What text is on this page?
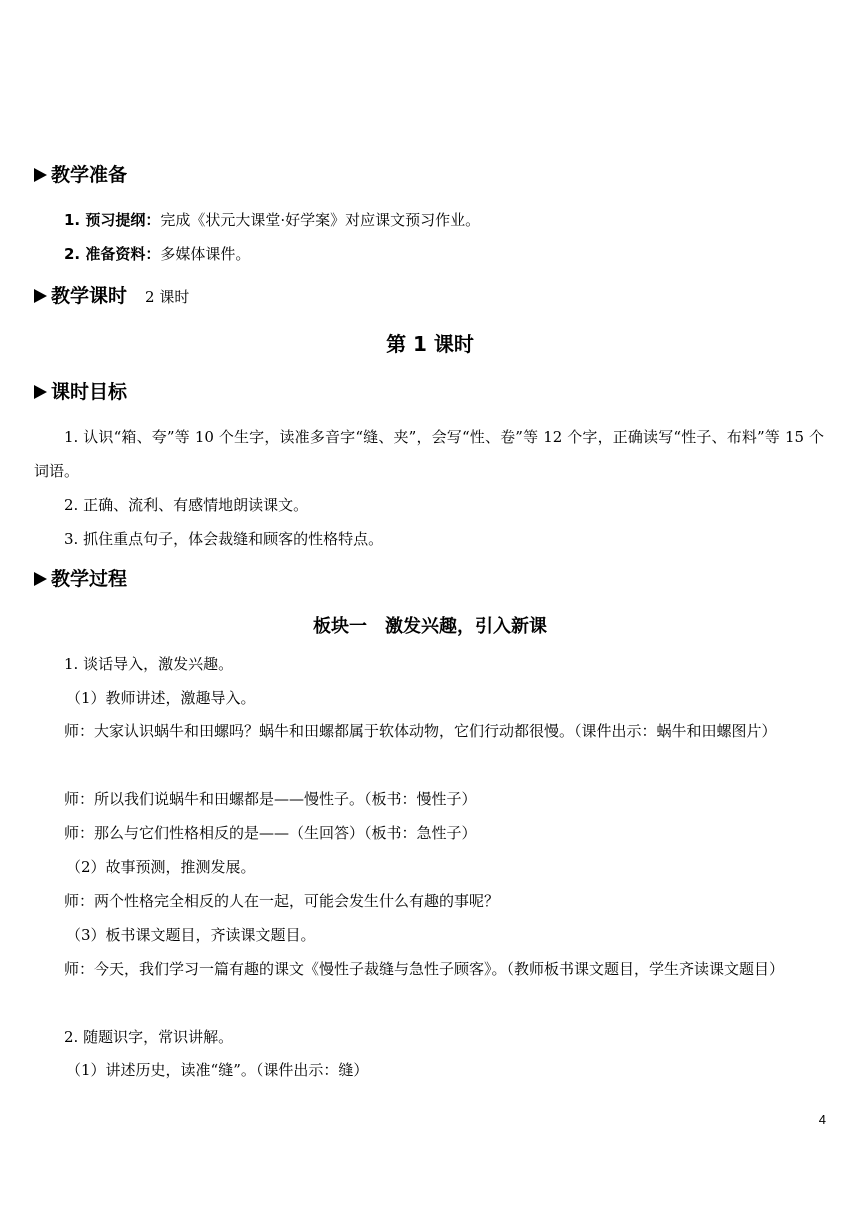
教学准备
1. 预习提纲：完成《状元大课堂·好学案》对应课文预习作业。
2. 准备资料：多媒体课件。
教学课时 2 课时
第 1 课时
课时目标
1. 认识“箱、夸”等 10 个生字，读准多音字“缝、夹”，会写“性、卷”等 12 个字，正确读写“性子、布料”等 15 个词语。
2. 正确、流利、有感情地朗读课文。
3. 抓住重点句子，体会裁缝和顾客的性格特点。
教学过程
板块一　激发兴趣，引入新课
1. 谈话导入，激发兴趣。
（1）教师讲述，激趣导入。
师：大家认识蜗牛和田螺吗？蜗牛和田螺都属于软体动物，它们行动都很慢。（课件出示：蜗牛和田螺图片）
师：所以我们说蜗牛和田螺都是——慢性子。（板书：慢性子）
师：那么与它们性格相反的是——（生回答）（板书：急性子）
（2）故事预测，推测发展。
师：两个性格完全相反的人在一起，可能会发生什么有趣的事呢？
（3）板书课文题目，齐读课文题目。
师：今天，我们学习一篇有趣的课文《慢性子裁缝与急性子顾客》。（教师板书课文题目，学生齐读课文题目）
2. 随题识字，常识讲解。
（1）讲述历史，读准“缝”。（课件出示：缝）
4
